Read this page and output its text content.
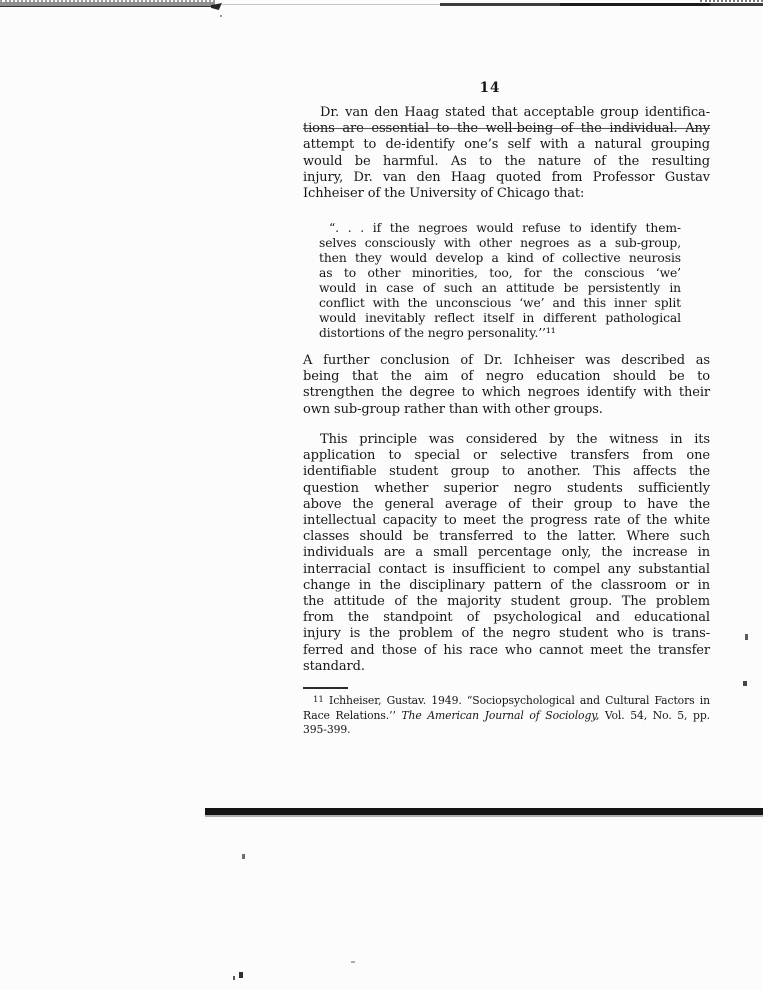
14
Dr. van den Haag stated that acceptable group identifica-
tions are essential to the well-being of the individual. Any
attempt to de-identify one’s self with a natural grouping
would be harmful. As to the nature of the resulting
injury, Dr. van den Haag quoted from Professor Gustav
Ichheiser of the University of Chicago that:
“. . . if the negroes would refuse to identify them-
selves consciously with other negroes as a sub-group,
then they would develop a kind of collective neurosis
as to other minorities, too, for the conscious ‘we’
would in case of such an attitude be persistently in
conflict with the unconscious ‘we’ and this inner split
would inevitably reflect itself in different pathological
distortions of the negro personality.’’¹¹
A further conclusion of Dr. Ichheiser was described as
being that the aim of negro education should be to
strengthen the degree to which negroes identify with their
own sub-group rather than with other groups.
This principle was considered by the witness in its
application to special or selective transfers from one
identifiable student group to another. This affects the
question whether superior negro students sufficiently
above the general average of their group to have the
intellectual capacity to meet the progress rate of the white
classes should be transferred to the latter. Where such
individuals are a small percentage only, the increase in
interracial contact is insufficient to compel any substantial
change in the disciplinary pattern of the classroom or in
the attitude of the majority student group. The problem
from the standpoint of psychological and educational
injury is the problem of the negro student who is trans-
ferred and those of his race who cannot meet the transfer
standard.
$^{11}$ Ichheiser, Gustav. 1949. “Sociopsychological and Cultural Factors in
Race Relations.’’ The American Journal of Sociology, Vol. 54, No. 5, pp.
395-399.
